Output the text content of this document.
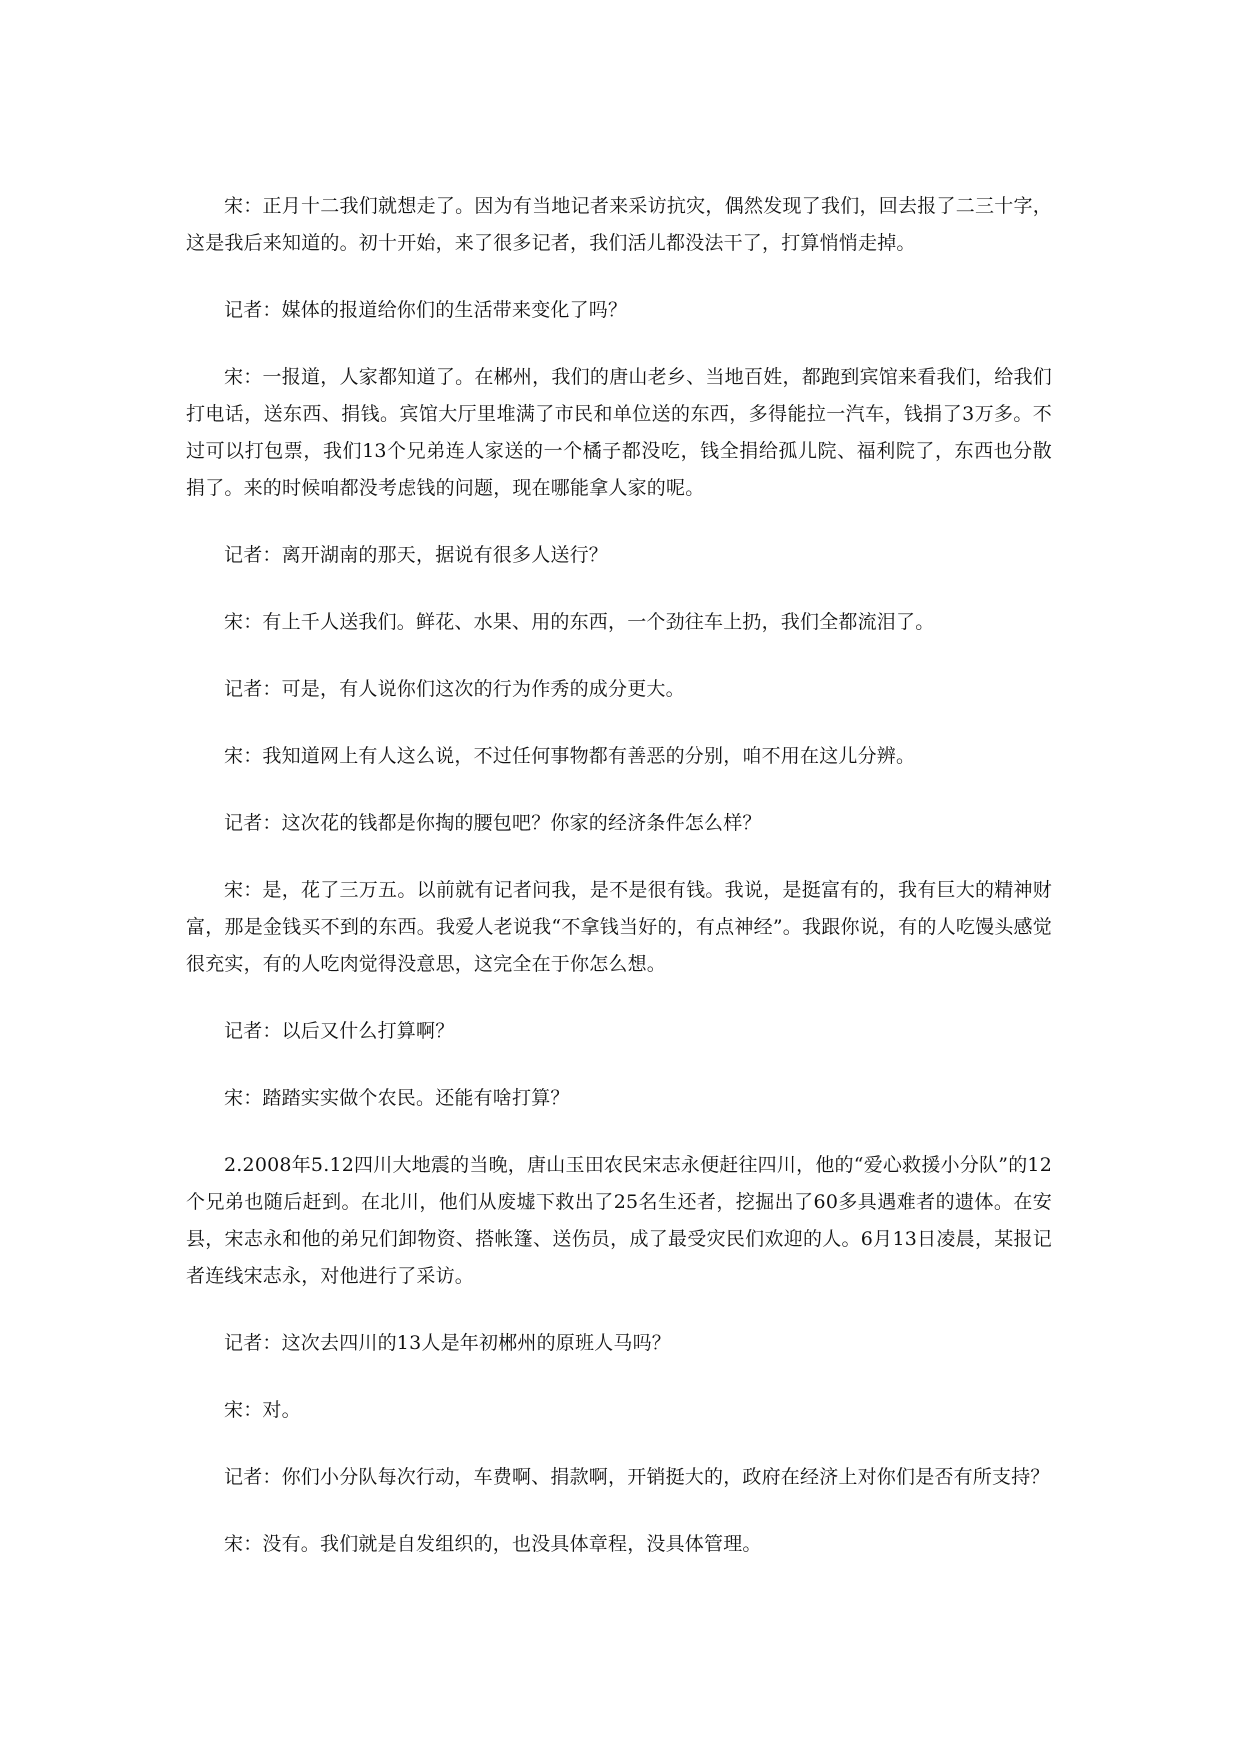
宋：正月十二我们就想走了。因为有当地记者来采访抗灾，偶然发现了我们，回去报了二三十字，这是我后来知道的。初十开始，来了很多记者，我们活儿都没法干了，打算悄悄走掉。

记者：媒体的报道给你们的生活带来变化了吗？

宋：一报道，人家都知道了。在郴州，我们的唐山老乡、当地百姓，都跑到宾馆来看我们，给我们打电话，送东西、捐钱。宾馆大厅里堆满了市民和单位送的东西，多得能拉一汽车，钱捐了3万多。不过可以打包票，我们13个兄弟连人家送的一个橘子都没吃，钱全捐给孤儿院、福利院了，东西也分散捐了。来的时候咱都没考虑钱的问题，现在哪能拿人家的呢。

记者：离开湖南的那天，据说有很多人送行？

宋：有上千人送我们。鲜花、水果、用的东西，一个劲往车上扔，我们全都流泪了。

记者：可是，有人说你们这次的行为作秀的成分更大。

宋：我知道网上有人这么说，不过任何事物都有善恶的分别，咱不用在这儿分辨。

记者：这次花的钱都是你掏的腰包吧？你家的经济条件怎么样？

宋：是，花了三万五。以前就有记者问我，是不是很有钱。我说，是挺富有的，我有巨大的精神财富，那是金钱买不到的东西。我爱人老说我“不拿钱当好的，有点神经”。我跟你说，有的人吃馒头感觉很充实，有的人吃肉觉得没意思，这完全在于你怎么想。

记者：以后又什么打算啊？

宋：踏踏实实做个农民。还能有啥打算？

2.2008年5.12四川大地震的当晚，唐山玉田农民宋志永便赶往四川，他的“爱心救援小分队”的12个兄弟也随后赶到。在北川，他们从废墟下救出了25名生还者，挖掘出了60多具遇难者的遗体。在安县，宋志永和他的弟兄们卸物资、搭帐篷、送伤员，成了最受灾民们欢迎的人。6月13日凌晨，某报记者连线宋志永，对他进行了采访。

记者：这次去四川的13人是年初郴州的原班人马吗？

宋：对。

记者：你们小分队每次行动，车费啊、捐款啊，开销挺大的，政府在经济上对你们是否有所支持？

宋：没有。我们就是自发组织的，也没具体章程，没具体管理。
